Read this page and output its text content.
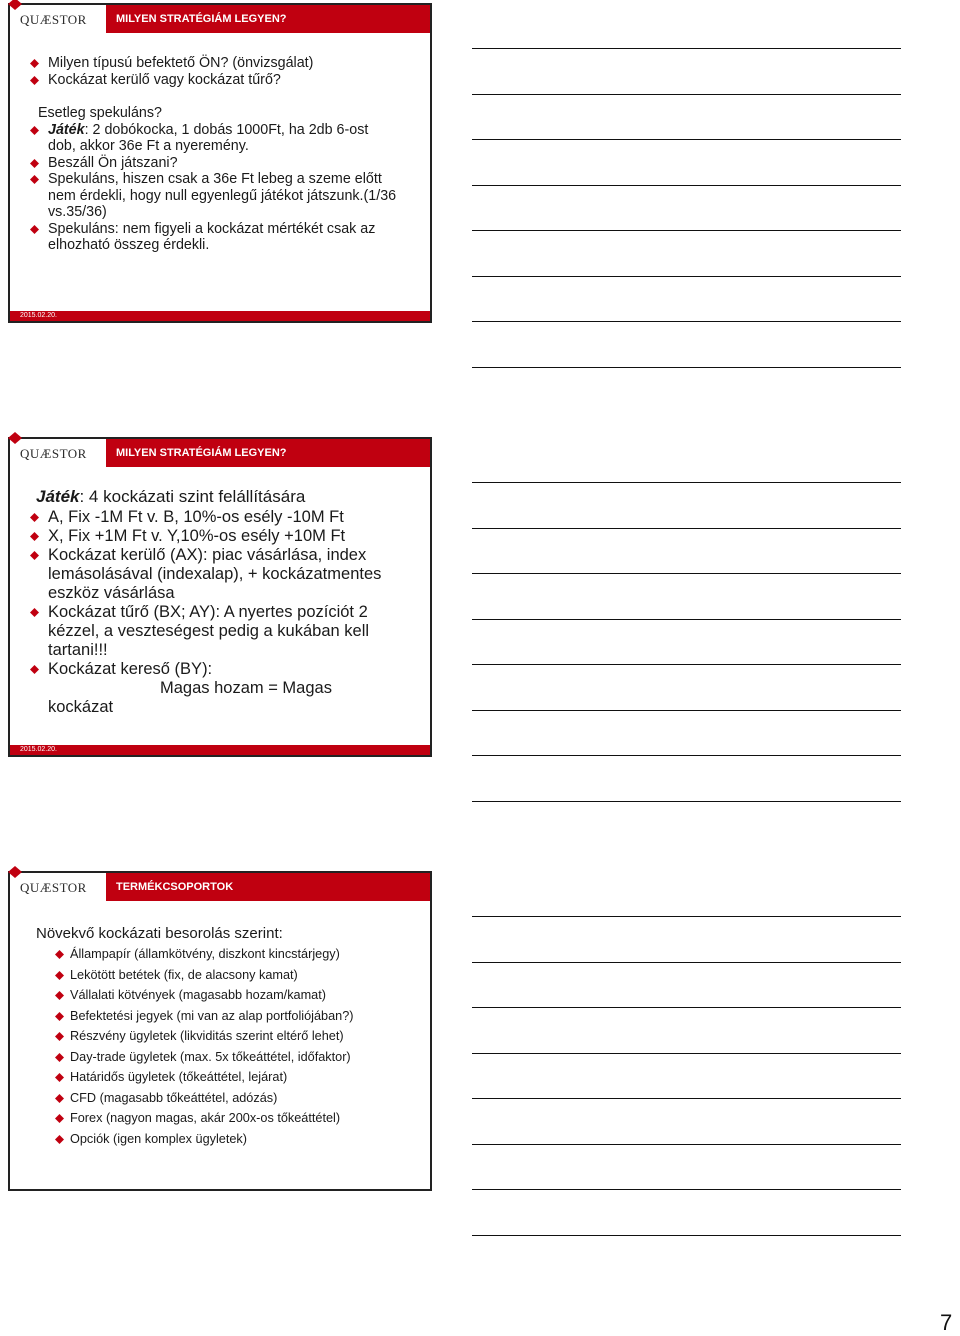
QUÆSTOR	MILYEN STRATÉGIÁM LEGYEN?
Milyen típusú befektető ÖN? (önvizsgálat)
Kockázat kerülő vagy kockázat tűrő?
Esetleg spekuláns?
Játék: 2 dobókocka, 1 dobás 1000Ft, ha 2db 6-ost dob, akkor 36e Ft a nyeremény.
Beszáll Ön játszani?
Spekuláns, hiszen csak a 36e Ft lebeg a szeme előtt nem érdekli, hogy null egyenlegű játékot játszunk.(1/36 vs.35/36)
Spekuláns: nem figyeli a kockázat mértékét csak az elhozható összeg érdekli.
2015.02.20.
QUÆSTOR	MILYEN STRATÉGIÁM LEGYEN?
Játék: 4 kockázati szint felállítására
A, Fix -1M Ft v. B, 10%-os esély -10M Ft
X, Fix +1M Ft v. Y,10%-os esély +10M Ft
Kockázat kerülő (AX): piac vásárlása, index lemásolásával (indexalap), + kockázatmentes eszköz vásárlása
Kockázat tűrő (BX; AY): A nyertes pozíciót 2 kézzel, a veszteségest pedig a kukában kell tartani!!!
Kockázat kereső (BY):
Magas hozam = Magas
kockázat
2015.02.20.
QUÆSTOR	TERMÉKCSOPORTOK
Növekvő kockázati besorolás szerint:
Állampapír (államkötvény, diszkont kincstárjegy)
Lekötött betétek (fix, de alacsony kamat)
Vállalati kötvények (magasabb hozam/kamat)
Befektetési jegyek (mi van az alap portfoliójában?)
Részvény ügyletek (likviditás szerint eltérő lehet)
Day-trade ügyletek (max. 5x tőkeáttétel, időfaktor)
Határidős ügyletek (tőkeáttétel, lejárat)
CFD (magasabb tőkeáttétel, adózás)
Forex (nagyon magas, akár 200x-os tőkeáttétel)
Opciók (igen komplex ügyletek)
7
